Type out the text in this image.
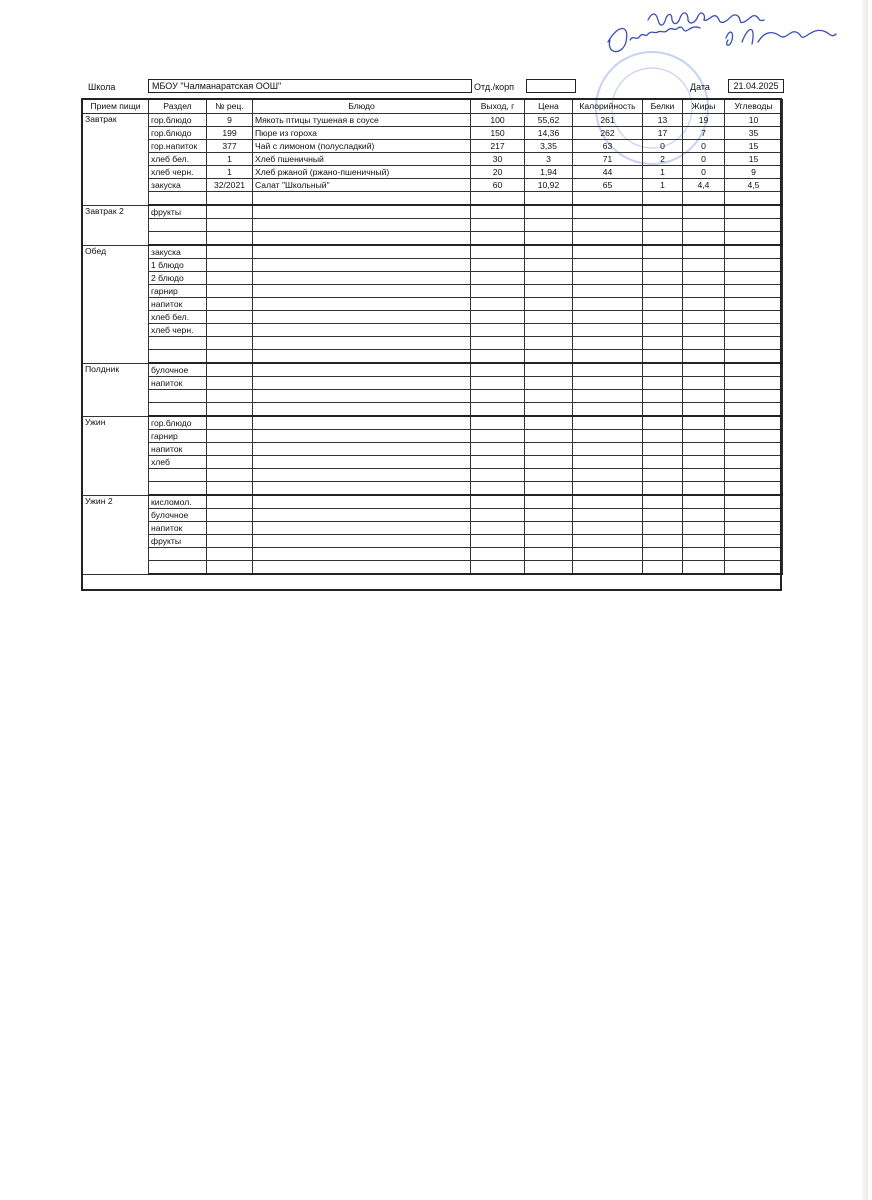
Школа	МБОУ "Чалманаратская ООШ"	Отд./корп	Дата	21.04.2025
Прием пищи	Раздел	№ рец.	Блюдо	Выход, г	Цена	Калорийность	Белки	Жиры	Углеводы
Завтрак	гор.блюдо	9	Мякоть птицы тушеная в соусе	100	55,62	261	13	19	10
	гор.блюдо	199	Пюре из гороха	150	14,36	262	17	7	35
	гор.напиток	377	Чай с лимоном (полусладкий)	217	3,35	63	0	0	15
	хлеб бел.	1	Хлеб пшеничный	30	3	71	2	0	15
	хлеб черн.	1	Хлеб ржаной (ржано-пшеничный)	20	1,94	44	1	0	9
	закуска	32/2021	Салат "Школьный"	60	10,92	65	1	4,4	4,5

Завтрак 2	фрукты								

Обед	закуска								
	1 блюдо								
	2 блюдо								
	гарнир								
	напиток								
	хлеб бел.								
	хлеб черн.								

Полдник	булочное								
	напиток								

Ужин	гор.блюдо								
	гарнир								
	напиток								
	хлеб								

Ужин 2	кисломол.								
	булочное								
	напиток								
	фрукты								
